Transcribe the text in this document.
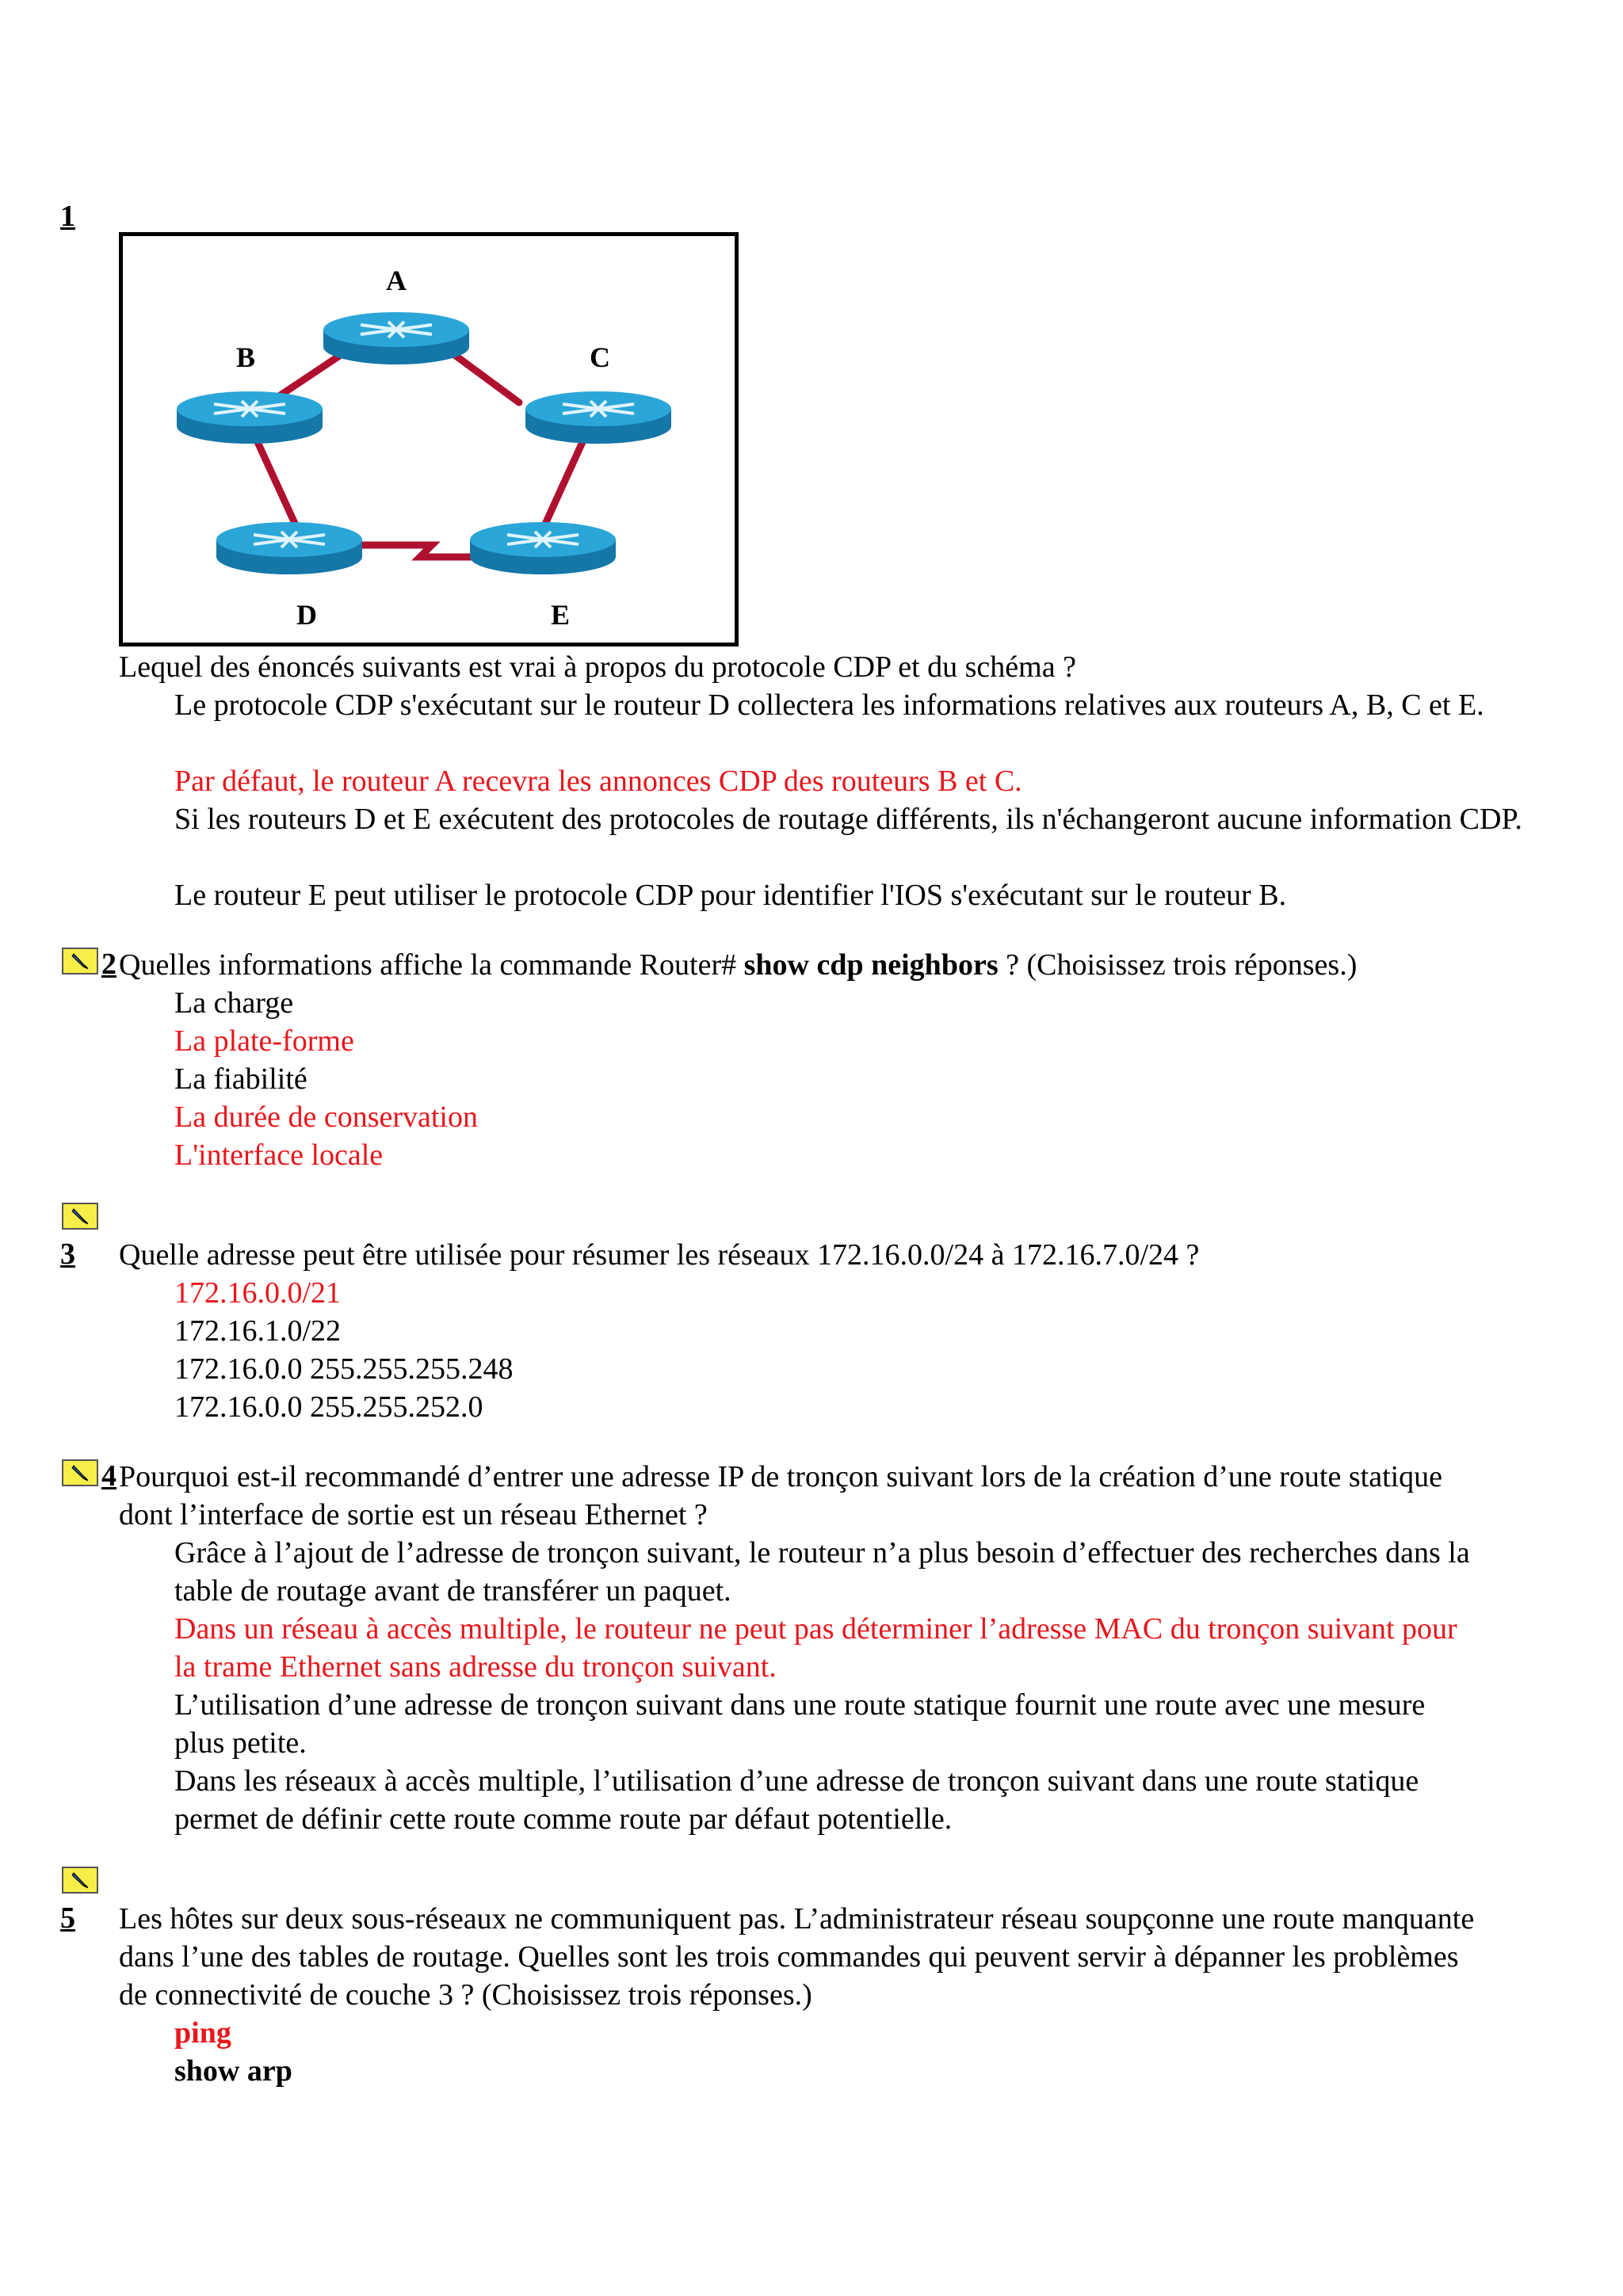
1
A
B	C
D	E
Lequel des énoncés suivants est vrai à propos du protocole CDP et du schéma ?
Le protocole CDP s'exécutant sur le routeur D collectera les informations relatives aux routeurs A, B, C et E.
Par défaut, le routeur A recevra les annonces CDP des routeurs B et C.
Si les routeurs D et E exécutent des protocoles de routage différents, ils n'échangeront aucune information CDP.
Le routeur E peut utiliser le protocole CDP pour identifier l'IOS s'exécutant sur le routeur B.
2 Quelles informations affiche la commande Router# show cdp neighbors ? (Choisissez trois réponses.)
La charge
La plate-forme
La fiabilité
La durée de conservation
L'interface locale
3 Quelle adresse peut être utilisée pour résumer les réseaux 172.16.0.0/24 à 172.16.7.0/24 ?
172.16.0.0/21
172.16.1.0/22
172.16.0.0 255.255.255.248
172.16.0.0 255.255.252.0
4 Pourquoi est-il recommandé d’entrer une adresse IP de tronçon suivant lors de la création d’une route statique
dont l’interface de sortie est un réseau Ethernet ?
Grâce à l’ajout de l’adresse de tronçon suivant, le routeur n’a plus besoin d’effectuer des recherches dans la
table de routage avant de transférer un paquet.
Dans un réseau à accès multiple, le routeur ne peut pas déterminer l’adresse MAC du tronçon suivant pour
la trame Ethernet sans adresse du tronçon suivant.
L’utilisation d’une adresse de tronçon suivant dans une route statique fournit une route avec une mesure
plus petite.
Dans les réseaux à accès multiple, l’utilisation d’une adresse de tronçon suivant dans une route statique
permet de définir cette route comme route par défaut potentielle.
5 Les hôtes sur deux sous-réseaux ne communiquent pas. L’administrateur réseau soupçonne une route manquante
dans l’une des tables de routage. Quelles sont les trois commandes qui peuvent servir à dépanner les problèmes
de connectivité de couche 3 ? (Choisissez trois réponses.)
ping
show arp
